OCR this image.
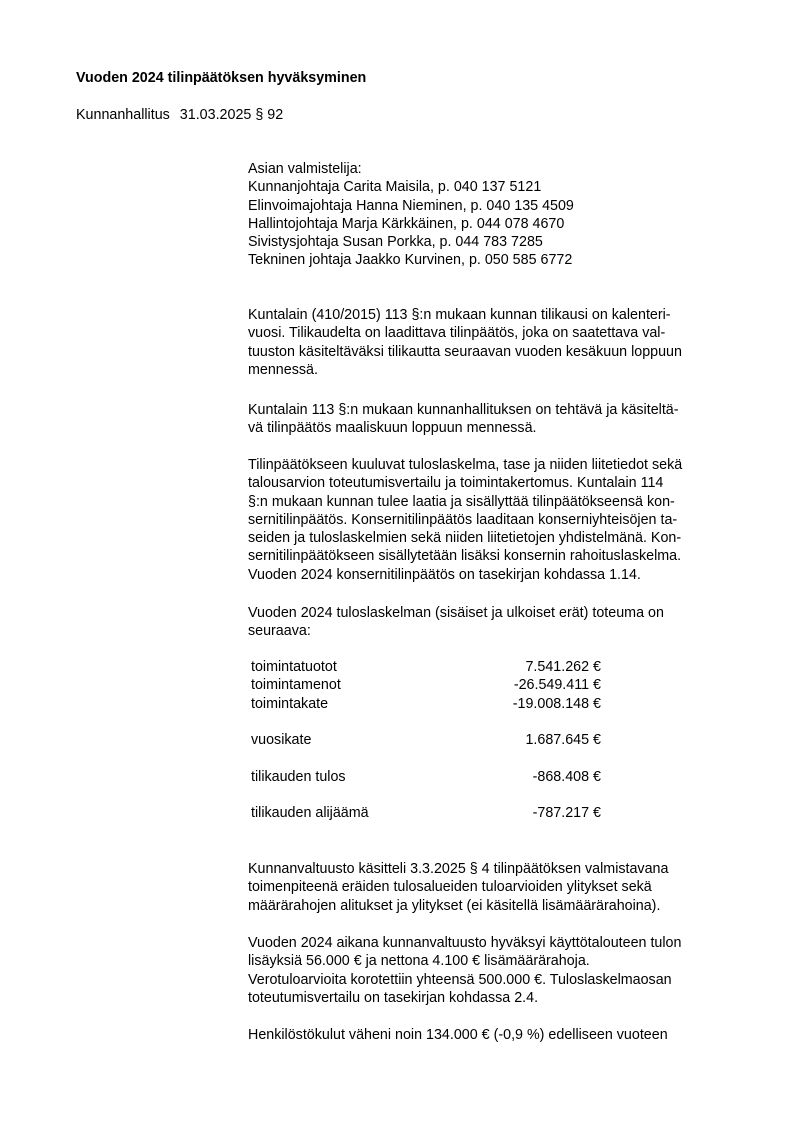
Vuoden 2024 tilinpäätöksen hyväksyminen
Kunnanhallitus 31.03.2025 § 92
Asian valmistelija:
Kunnanjohtaja Carita Maisila, p. 040 137 5121
Elinvoimajohtaja Hanna Nieminen, p. 040 135 4509
Hallintojohtaja Marja Kärkkäinen, p. 044 078 4670
Sivistysjohtaja Susan Porkka, p. 044 783 7285
Tekninen johtaja Jaakko Kurvinen, p. 050 585 6772
Kuntalain (410/2015) 113 §:n mukaan kunnan tilikausi on kalenteri-
vuosi. Tilikaudelta on laadittava tilinpäätös, joka on saatettava val-
tuuston käsiteltäväksi tilikautta seuraavan vuoden kesäkuun loppuun
mennessä.
Kuntalain 113 §:n mukaan kunnanhallituksen on tehtävä ja käsiteltä-
vä tilinpäätös maaliskuun loppuun mennessä.
Tilinpäätökseen kuuluvat tuloslaskelma, tase ja niiden liitetiedot sekä
talousarvion toteutumisvertailu ja toimintakertomus. Kuntalain 114
§:n mukaan kunnan tulee laatia ja sisällyttää tilinpäätökseensä kon-
sernitilinpäätös. Konsernitilinpäätös laaditaan konserniyhteisöjen ta-
seiden ja tuloslaskelmien sekä niiden liitetietojen yhdistelmänä. Kon-
sernitilinpäätökseen sisällytetään lisäksi konsernin rahoituslaskelma.
Vuoden 2024 konsernitilinpäätös on tasekirjan kohdassa 1.14.
Vuoden 2024 tuloslaskelman (sisäiset ja ulkoiset erät) toteuma on
seuraava:
toimintatuotot	7.541.262 €
toimintamenot	-26.549.411 €
toimintakate	-19.008.148 €

vuosikate	1.687.645 €

tilikauden tulos	-868.408 €

tilikauden alijäämä	-787.217 €
Kunnanvaltuusto käsitteli 3.3.2025 § 4 tilinpäätöksen valmistavana
toimenpiteenä eräiden tulosalueiden tuloarvioiden ylitykset sekä
määrärahojen alitukset ja ylitykset (ei käsitellä lisämäärärahoina).
Vuoden 2024 aikana kunnanvaltuusto hyväksyi käyttötalouteen tulon
lisäyksiä 56.000 € ja nettona 4.100 € lisämäärärahoja.
Verotuloarvioita korotettiin yhteensä 500.000 €. Tuloslaskelmaosan
toteutumisvertailu on tasekirjan kohdassa 2.4.
Henkilöstökulut väheni noin 134.000 € (-0,9 %) edelliseen vuoteen
